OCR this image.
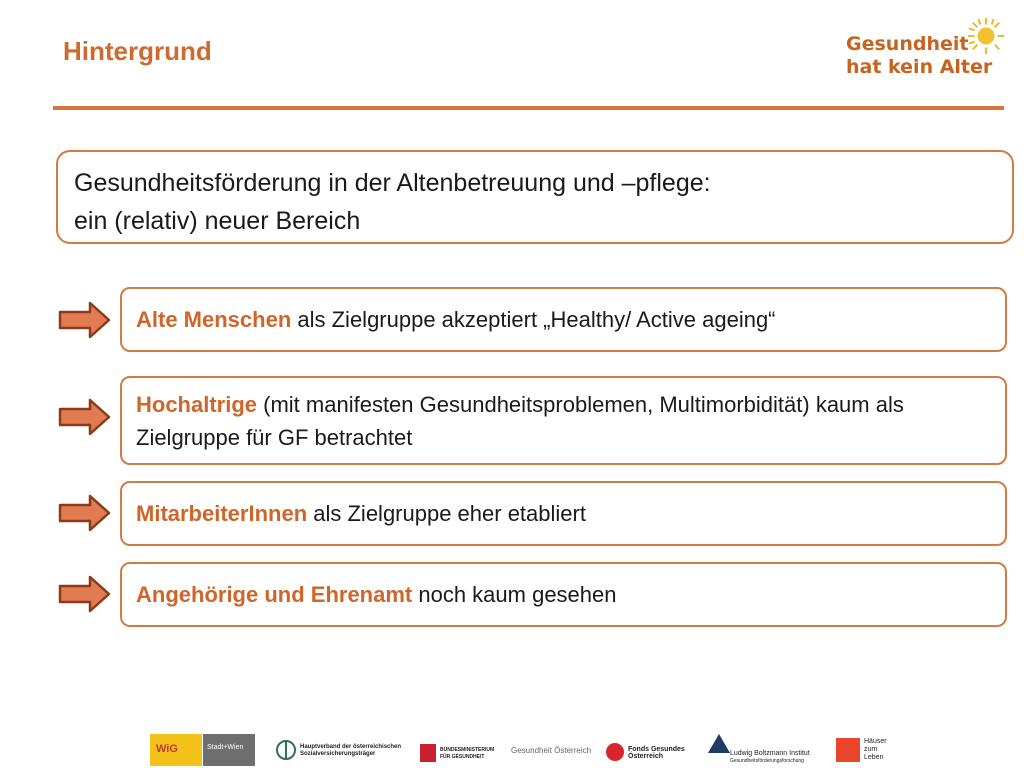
Hintergrund	Gesundheit
hat kein Alter
Gesundheitsförderung in der Altenbetreuung und –pflege:
ein (relativ) neuer Bereich
Alte Menschen als Zielgruppe akzeptiert „Healthy/ Active ageing“
Hochaltrige (mit manifesten Gesundheitsproblemen, Multimorbidität) kaum als Zielgruppe für GF betrachtet
MitarbeiterInnen als Zielgruppe eher etabliert
Angehörige und Ehrenamt noch kaum gesehen
WiG	Stadt+Wien	Hauptverband der österreichischen Sozialversicherungsträger
BUNDESMINISTERIUM FÜR GESUNDHEIT
Gesundheit Österreich	Fonds Gesundes Österreich	Ludwig Boltzmann Institut
Gesundheitsförderungsforschung
Häuser zum Leben
